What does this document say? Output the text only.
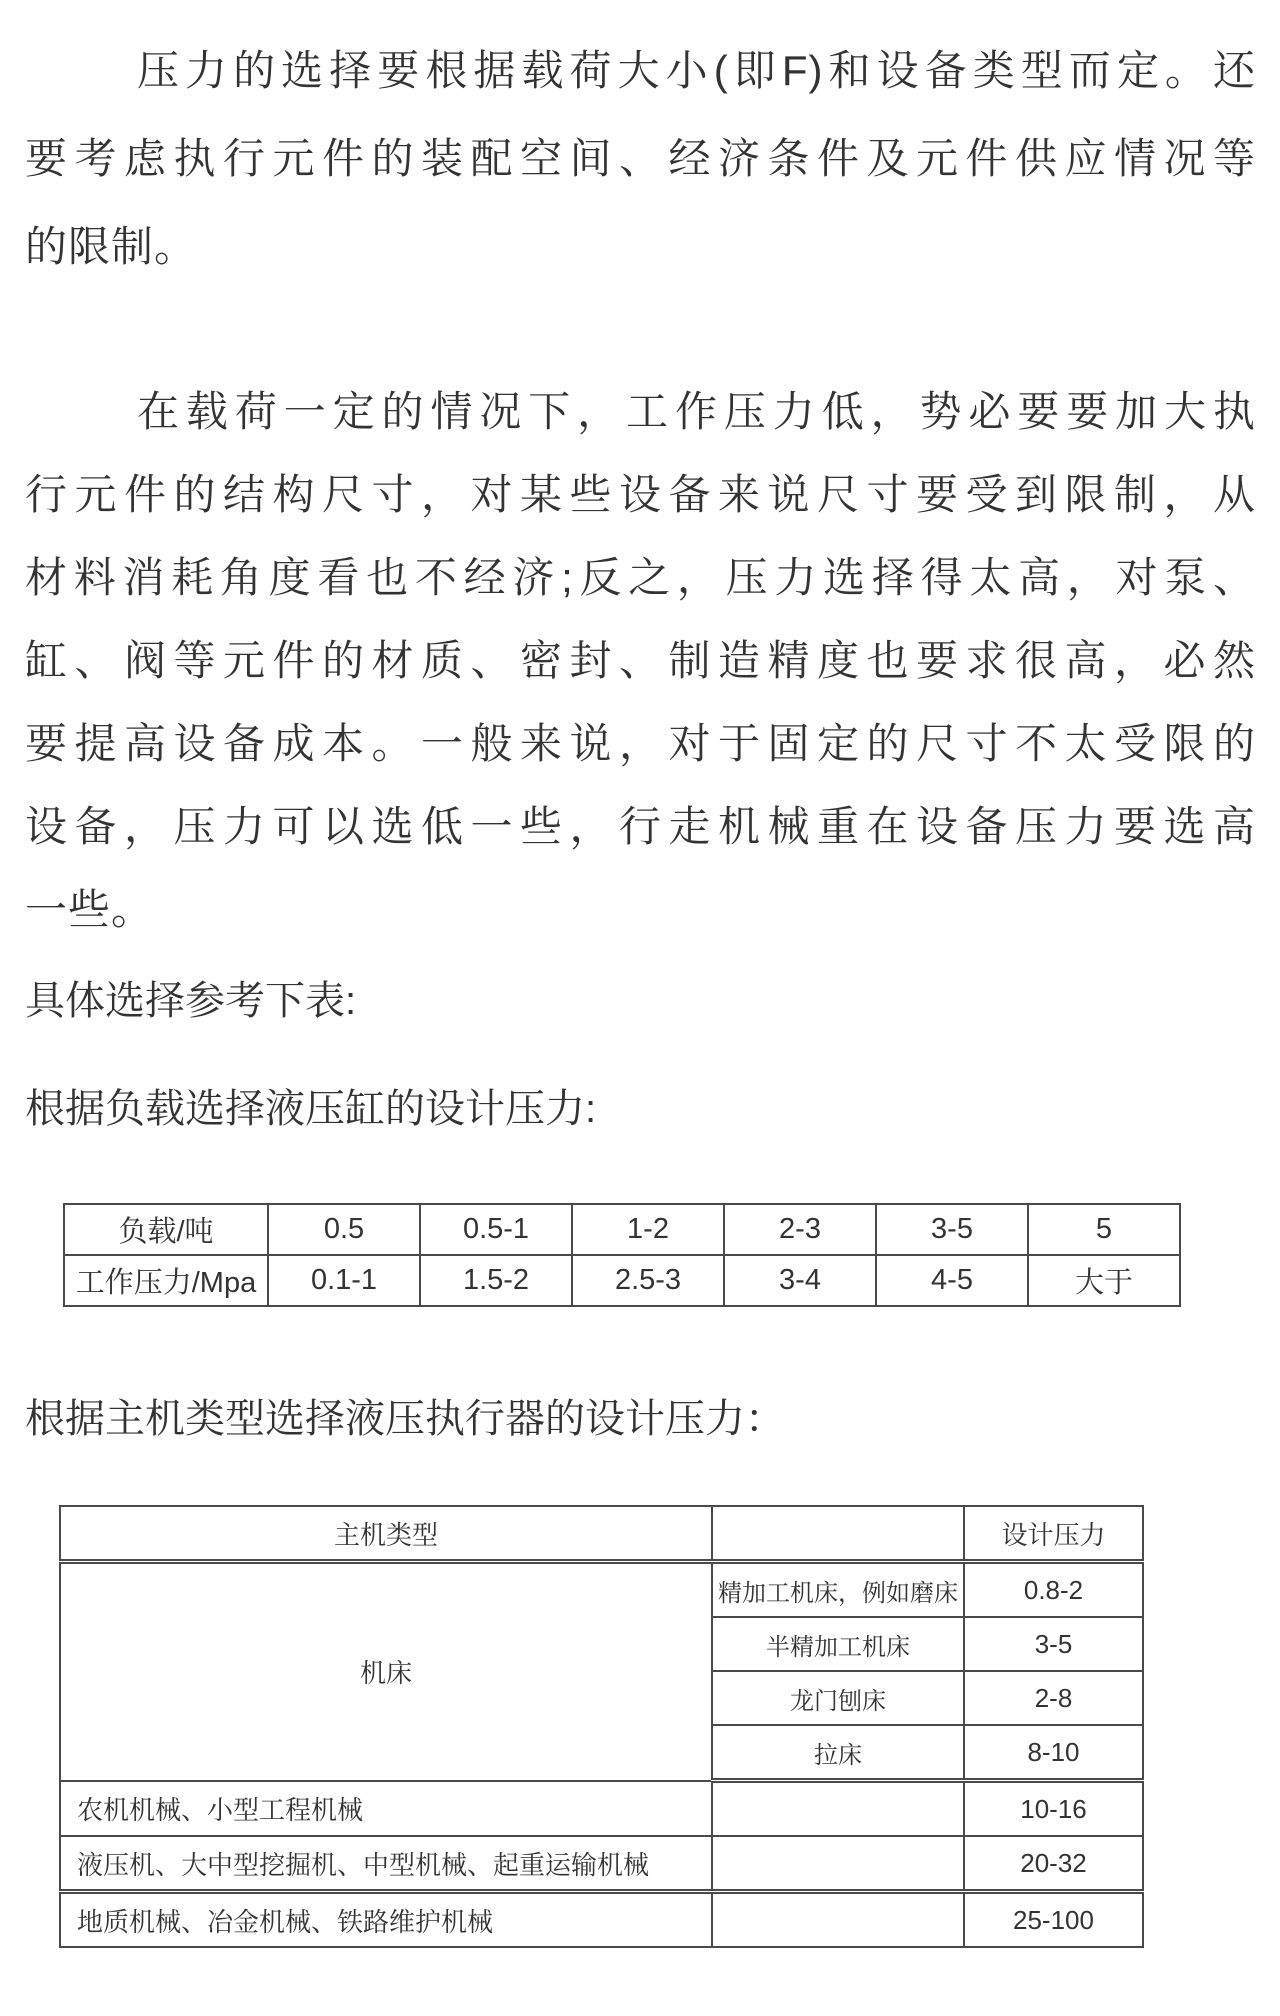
压力的选择要根据载荷大小(即F)和设备类型而定。还
要考虑执行元件的装配空间、经济条件及元件供应情况等
的限制。
在载荷一定的情况下，工作压力低，势必要要加大执
行元件的结构尺寸，对某些设备来说尺寸要受到限制，从
材料消耗角度看也不经济;反之，压力选择得太高，对泵、
缸、阀等元件的材质、密封、制造精度也要求很高，必然
要提高设备成本。一般来说，对于固定的尺寸不太受限的
设备，压力可以选低一些，行走机械重在设备压力要选高
一些。
具体选择参考下表:
根据负载选择液压缸的设计压力:
负载/吨	0.5	0.5-1	1-2	2-3	3-5	5
工作压力/Mpa	0.1-1	1.5-2	2.5-3	3-4	4-5	大于
根据主机类型选择液压执行器的设计压力：
主机类型		设计压力
机床	精加工机床，例如磨床	0.8-2
	半精加工机床	3-5
	龙门刨床	2-8
	拉床	8-10
农机机械、小型工程机械		10-16
液压机、大中型挖掘机、中型机械、起重运输机械		20-32
地质机械、冶金机械、铁路维护机械		25-100
